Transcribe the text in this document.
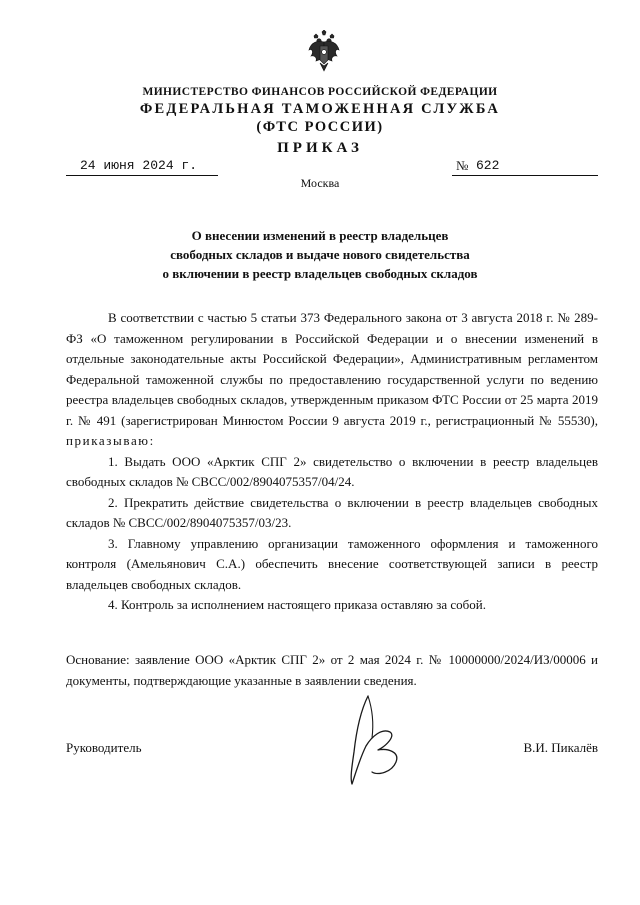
МИНИСТЕРСТВО ФИНАНСОВ РОССИЙСКОЙ ФЕДЕРАЦИИ
ФЕДЕРАЛЬНАЯ ТАМОЖЕННАЯ СЛУЖБА
(ФТС РОССИИ)
ПРИКАЗ
24 июня 2024 г.	№ 622
Москва
О внесении изменений в реестр владельцев
свободных складов и выдаче нового свидетельства
о включении в реестр владельцев свободных складов

В соответствии с частью 5 статьи 373 Федерального закона от 3 августа 2018 г. № 289-ФЗ «О таможенном регулировании в Российской Федерации и о внесении изменений в отдельные законодательные акты Российской Федерации», Административным регламентом Федеральной таможенной службы по предоставлению государственной услуги по ведению реестра владельцев свободных складов, утвержденным приказом ФТС России от 25 марта 2019 г. № 491 (зарегистрирован Минюстом России 9 августа 2019 г., регистрационный № 55530), приказываю:

1. Выдать ООО «Арктик СПГ 2» свидетельство о включении в реестр владельцев свободных складов № СВСС/002/8904075357/04/24.

2. Прекратить действие свидетельства о включении в реестр владельцев свободных складов № СВСС/002/8904075357/03/23.

3. Главному управлению организации таможенного оформления и таможенного контроля (Амельянович С.А.) обеспечить внесение соответствующей записи в реестр владельцев свободных складов.

4. Контроль за исполнением настоящего приказа оставляю за собой.

Основание: заявление ООО «Арктик СПГ 2» от 2 мая 2024 г. № 10000000/2024/ИЗ/00006 и документы, подтверждающие указанные в заявлении сведения.

Руководитель	В.И. Пикалёв
